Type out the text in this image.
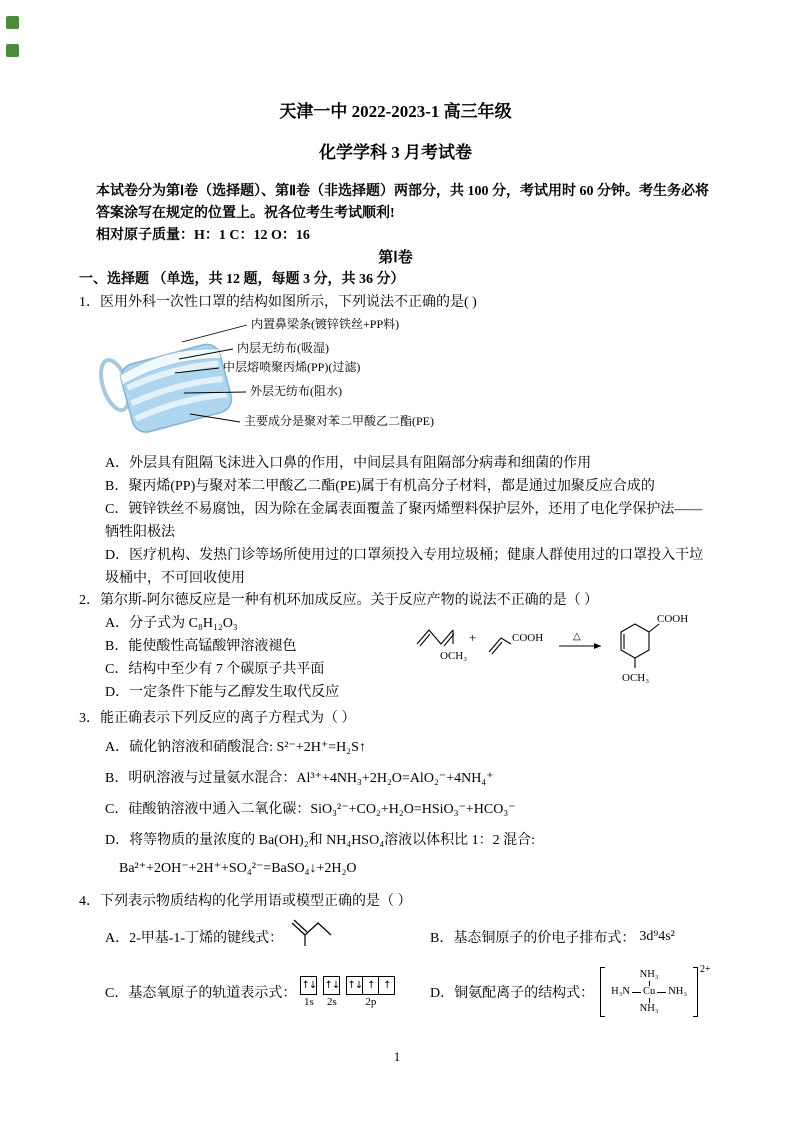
天津一中 2022-2023-1 高三年级
化学学科 3 月考试卷

本试卷分为第Ⅰ卷（选择题）、第Ⅱ卷（非选择题）两部分，共 100 分，考试用时 60 分钟。考生务必将答案涂写在规定的位置上。祝各位考生考试顺利!

相对原子质量：H：1 C：12 O：16

第Ⅰ卷
一、选择题 （单选，共 12 题，每题 3 分，共 36 分）

1．医用外科一次性口罩的结构如图所示，下列说法不正确的是( )

内置鼻梁条(镀锌铁丝+PP料)
内层无纺布(吸湿)
中层熔喷聚丙烯(PP)(过滤)
外层无纺布(阻水)
主要成分是聚对苯二甲酸乙二酯(PE)

A．外层具有阻隔飞沫进入口鼻的作用，中间层具有阻隔部分病毒和细菌的作用

B．聚丙烯(PP)与聚对苯二甲酸乙二酯(PE)属于有机高分子材料，都是通过加聚反应合成的

C．镀锌铁丝不易腐蚀，因为除在金属表面覆盖了聚丙烯塑料保护层外，还用了电化学保护法——牺牲阳极法

D．医疗机构、发热门诊等场所使用过的口罩须投入专用垃圾桶；健康人群使用过的口罩投入干垃圾桶中，不可回收使用

2．第尔斯-阿尔德反应是一种有机环加成反应。关于反应产物的说法不正确的是（ ）

A．分子式为 C₈H₁₂O₃

B．能使酸性高锰酸钾溶液褪色

C．结构中至少有 7 个碳原子共平面

D．一定条件下能与乙醇发生取代反应

OCH₃
+	COOH	△
COOH
OCH₃

3．能正确表示下列反应的离子方程式为（ ）

A．硫化钠溶液和硝酸混合: S²⁻+2H⁺=H₂S↑

B．明矾溶液与过量氨水混合：Al³⁺+4NH₃+2H₂O=AlO₂⁻+4NH₄⁺

C．硅酸钠溶液中通入二氧化碳：SiO₃²⁻+CO₂+H₂O=HSiO₃⁻+HCO₃⁻

D．将等物质的量浓度的 Ba(OH)₂和 NH₄HSO₄溶液以体积比 1：2 混合:

Ba²⁺+2OH⁻+2H⁺+SO₄²⁻=BaSO₄↓+2H₂O

4．下列表示物质结构的化学用语或模型正确的是（ ）

A．2-甲基-1-丁烯的键线式：	B．基态铜原子的价电子排布式： 3d⁹4s²
C．基态氧原子的轨道表示式：
↑↓
1s
↑↓
2s
↑↓ ↑ ↑
2p
D．铜氨配离子的结构式：
NH₃
H₃N Cu NH₃
NH₃
2+
1
